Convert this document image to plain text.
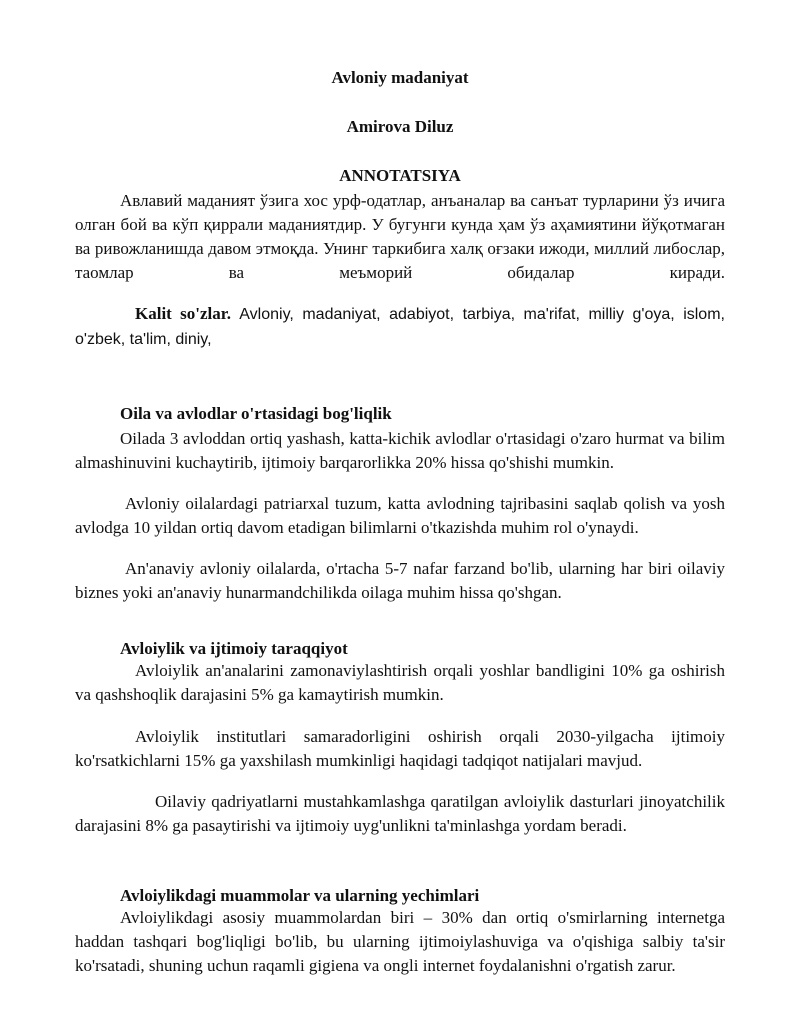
Avloniy madaniyat
Amirova Diluz
ANNOTATSIYA
Авлавий маданият ўзига хос урф-одатлар, анъаналар ва санъат турларини ўз ичига олган бой ва кўп қиррали маданиятдир. У бугунги кунда ҳам ўз аҳамиятини йўқотмаган ва ривожланишда давом этмоқда. Унинг таркибига халқ оғзаки ижоди, миллий либослар, таомлар ва меъморий обидалар киради.
Kalit so'zlar. Avloniy, madaniyat, adabiyot, tarbiya, ma'rifat, milliy g'oya, islom, o'zbek, ta'lim, diniy,
Oila va avlodlar o'rtasidagi bog'liqlik
Oilada 3 avloddan ortiq yashash, katta-kichik avlodlar o'rtasidagi o'zaro hurmat va bilim almashinuvini kuchaytirib, ijtimoiy barqarorlikka 20% hissa qo'shishi mumkin.
Avloniy oilalardagi patriarxal tuzum, katta avlodning tajribasini saqlab qolish va yosh avlodga 10 yildan ortiq davom etadigan bilimlarni o'tkazishda muhim rol o'ynaydi.
An'anaviy avloniy oilalarda, o'rtacha 5-7 nafar farzand bo'lib, ularning har biri oilaviy biznes yoki an'anaviy hunarmandchilikda oilaga muhim hissa qo'shgan.
Avloiylik va ijtimoiy taraqqiyot
Avloiylik an'analarini zamonaviylashtirish orqali yoshlar bandligini 10% ga oshirish va qashshoqlik darajasini 5% ga kamaytirish mumkin.
Avloiylik institutlari samaradorligini oshirish orqali 2030-yilgacha ijtimoiy ko'rsatkichlarni 15% ga yaxshilash mumkinligi haqidagi tadqiqot natijalari mavjud.
Oilaviy qadriyatlarni mustahkamlashga qaratilgan avloiylik dasturlari jinoyatchilik darajasini 8% ga pasaytirishi va ijtimoiy uyg'unlikni ta'minlashga yordam beradi.
Avloiylikdagi muammolar va ularning yechimlari
Avloiylikdagi asosiy muammolardan biri – 30% dan ortiq o'smirlarning internetga haddan tashqari bog'liqligi bo'lib, bu ularning ijtimoiylashuviga va o'qishiga salbiy ta'sir ko'rsatadi, shuning uchun raqamli gigiena va ongli internet foydalanishni o'rgatish zarur.
